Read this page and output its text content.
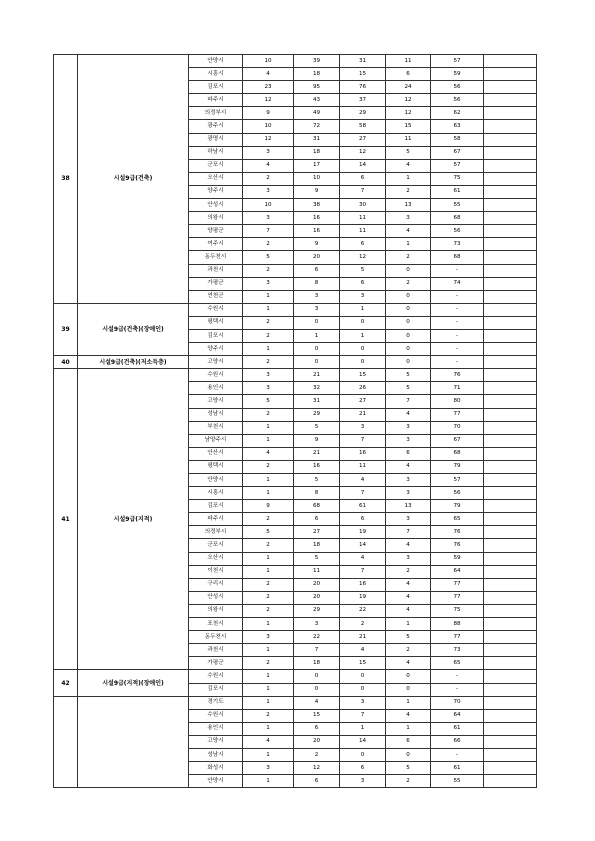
38	시설9급(건축)	안양시	10	39	31	11	57	
		시흥시	4	18	15	6	59	
		김포시	23	95	76	24	56	
		파주시	12	43	37	12	56	
		의정부시	9	49	29	12	62	
		광주시	10	72	58	15	63	
		광명시	12	31	27	11	58	
		하남시	3	18	12	5	67	
		군포시	4	17	14	4	57	
		오산시	2	10	6	1	75	
		양주시	3	9	7	2	61	
		안성시	10	38	30	13	55	
		의왕시	3	16	11	3	68	
		양평군	7	16	11	4	56	
		여주시	2	9	6	1	73	
		동두천시	5	20	12	2	68	
		과천시	2	6	5	0	-	
		가평군	3	8	6	2	74	
		연천군	1	3	3	0	-	
39	시설9급(건축)(장애인)	수원시	1	3	1	0	-	
		평택시	2	0	0	0	-	
		김포시	2	1	1	0	-	
		양주시	1	0	0	0	-	
40	시설9급(건축)(저소득층)	고양시	2	0	0	0	-	
41	시설9급(지적)	수원시	3	21	15	5	76	
		용인시	3	32	26	5	71	
		고양시	5	31	27	7	80	
		성남시	2	29	21	4	77	
		부천시	1	5	3	3	70	
		남양주시	1	9	7	3	67	
		안산시	4	21	16	6	68	
		평택시	2	16	11	4	79	
		안양시	1	5	4	3	57	
		시흥시	1	8	7	3	56	
		김포시	9	68	61	13	79	
		파주시	2	6	6	3	65	
		의정부시	5	27	19	7	76	
		군포시	2	18	14	4	76	
		오산시	1	5	4	3	59	
		이천시	1	11	7	2	64	
		구리시	2	20	16	4	77	
		안성시	2	20	19	4	77	
		의왕시	2	29	22	4	75	
		포천시	1	3	2	1	88	
		동두천시	3	22	21	5	77	
		과천시	1	7	4	2	73	
		가평군	2	18	15	4	65	
42	시설9급(지적)(장애인)	수원시	1	0	0	0	-	
		김포시	1	0	0	0	-	
		경기도	1	4	3	1	70	
		수원시	2	15	7	4	64	
		용인시	1	6	1	1	61	
		고양시	4	20	14	6	66	
		성남시	1	2	0	0	-	
		화성시	3	12	6	5	61	
		안양시	1	6	3	2	55	
